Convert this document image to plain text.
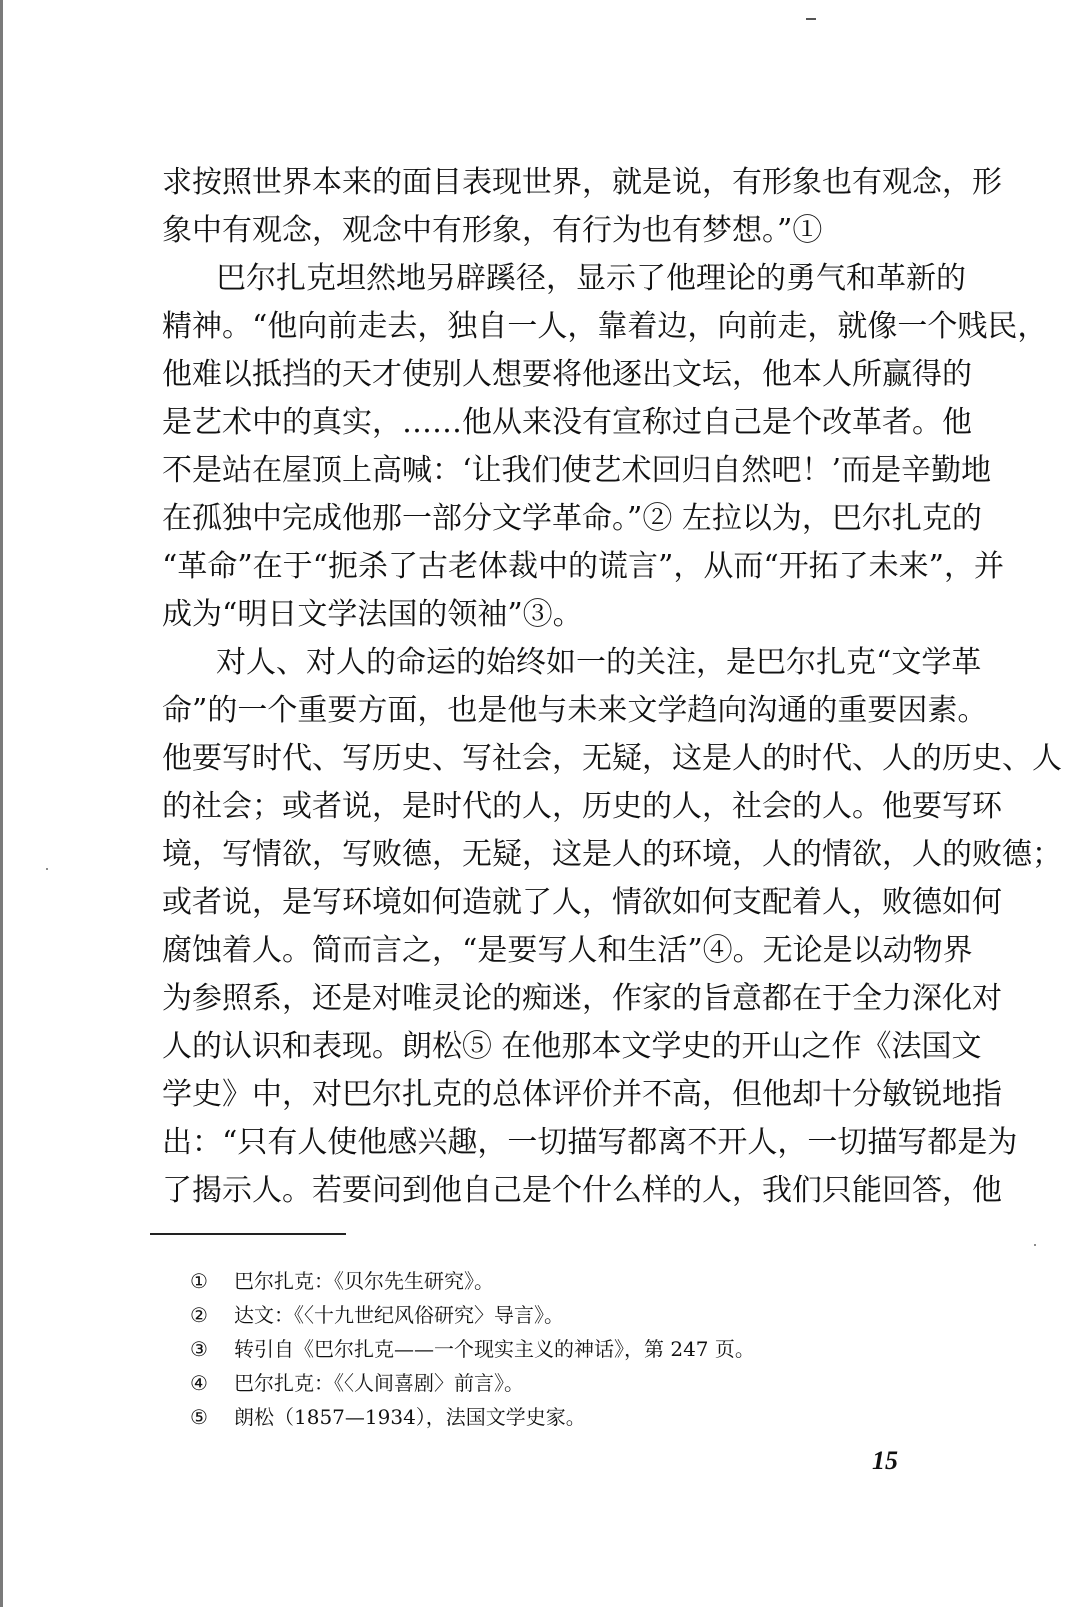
求按照世界本来的面目表现世界，就是说，有形象也有观念，形
象中有观念，观念中有形象，有行为也有梦想。”①
巴尔扎克坦然地另辟蹊径，显示了他理论的勇气和革新的
精神。“他向前走去，独自一人，靠着边，向前走，就像一个贱民，
他难以抵挡的天才使别人想要将他逐出文坛，他本人所赢得的
是艺术中的真实，……他从来没有宣称过自己是个改革者。他
不是站在屋顶上高喊：‘让我们使艺术回归自然吧！’而是辛勤地
在孤独中完成他那一部分文学革命。”② 左拉以为，巴尔扎克的
“革命”在于“扼杀了古老体裁中的谎言”，从而“开拓了未来”，并
成为“明日文学法国的领袖”③。
对人、对人的命运的始终如一的关注，是巴尔扎克“文学革
命”的一个重要方面，也是他与未来文学趋向沟通的重要因素。
他要写时代、写历史、写社会，无疑，这是人的时代、人的历史、人
的社会；或者说，是时代的人，历史的人，社会的人。他要写环
境，写情欲，写败德，无疑，这是人的环境，人的情欲，人的败德；
或者说，是写环境如何造就了人，情欲如何支配着人，败德如何
腐蚀着人。简而言之，“是要写人和生活”④。无论是以动物界
为参照系，还是对唯灵论的痴迷，作家的旨意都在于全力深化对
人的认识和表现。朗松⑤ 在他那本文学史的开山之作《法国文
学史》中，对巴尔扎克的总体评价并不高，但他却十分敏锐地指
出：“只有人使他感兴趣，一切描写都离不开人，一切描写都是为
了揭示人。若要问到他自己是个什么样的人，我们只能回答，他
① 巴尔扎克：《贝尔先生研究》。
② 达文：《〈十九世纪风俗研究〉导言》。
③ 转引自《巴尔扎克——一个现实主义的神话》，第 247 页。
④ 巴尔扎克：《〈人间喜剧〉前言》。
⑤ 朗松（1857—1934），法国文学史家。
15
